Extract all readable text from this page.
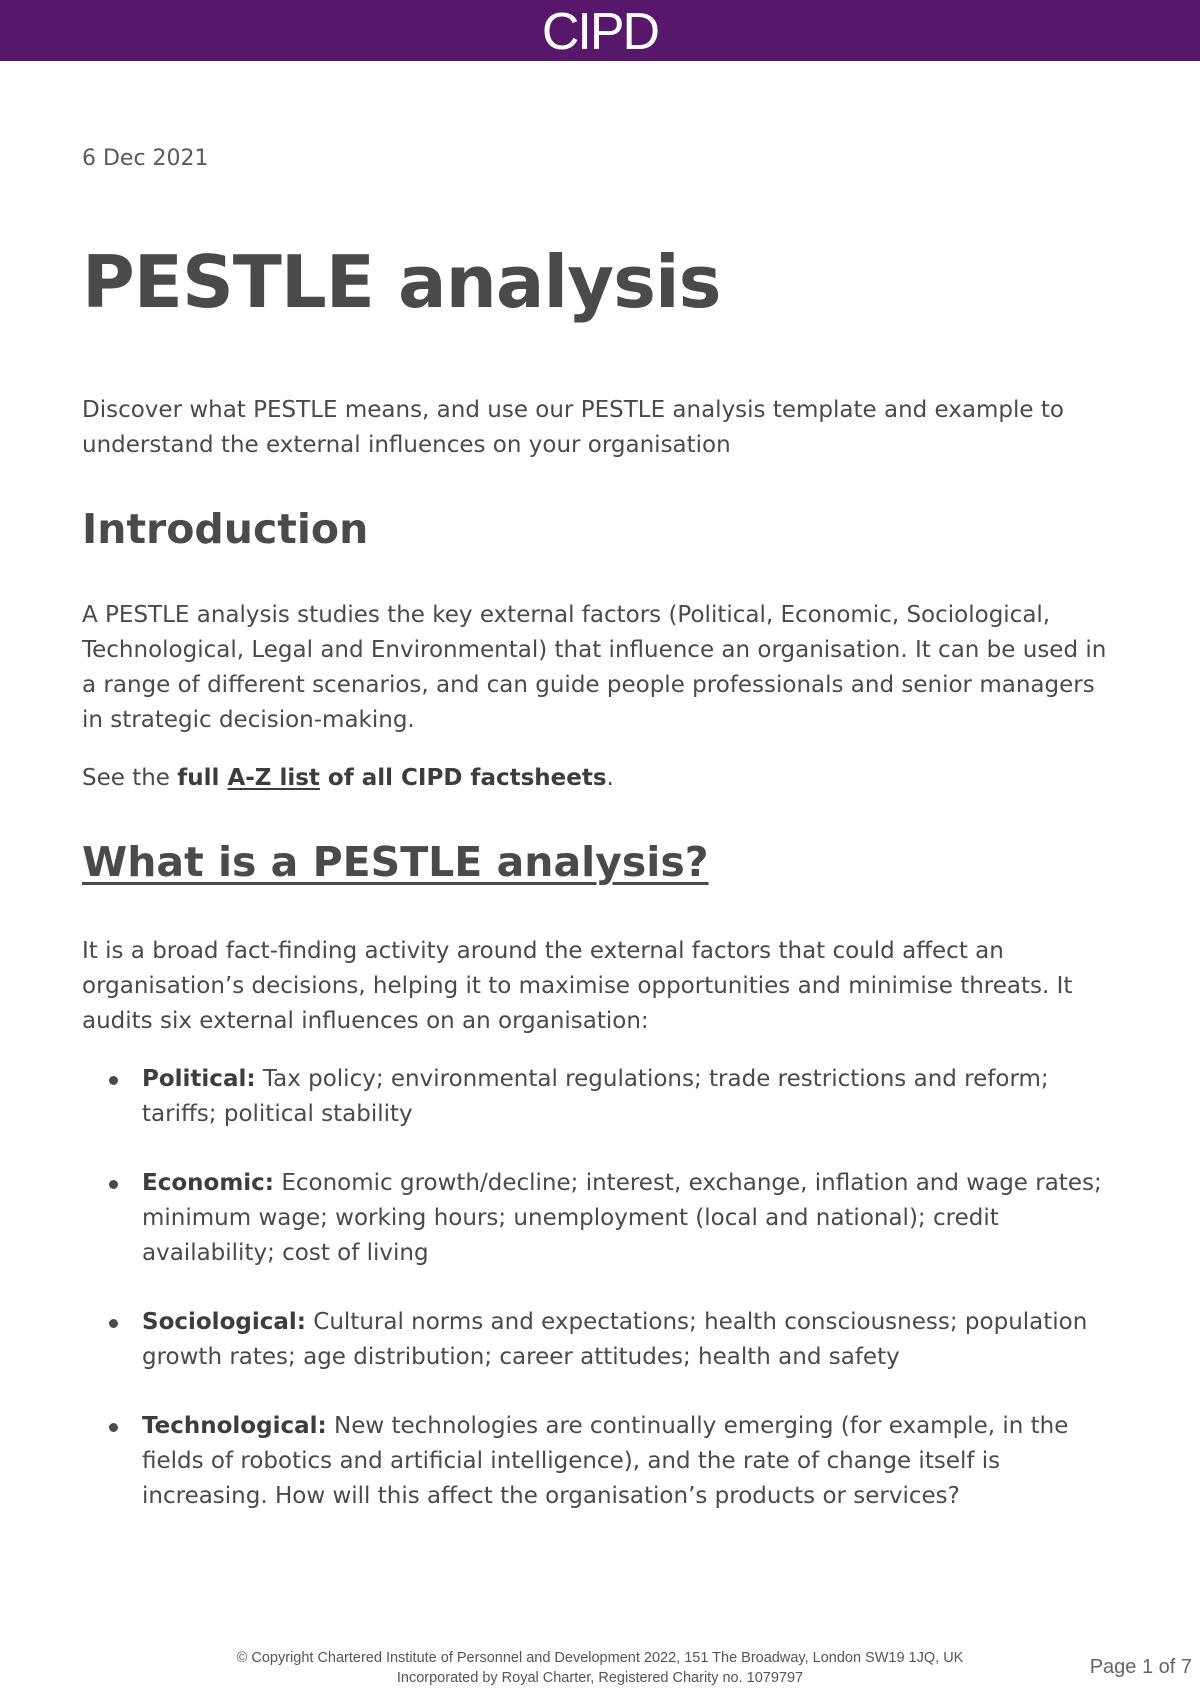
CIPD
6 Dec 2021
PESTLE analysis

Discover what PESTLE means, and use our PESTLE analysis template and example to understand the external influences on your organisation

Introduction

A PESTLE analysis studies the key external factors (Political, Economic, Sociological, Technological, Legal and Environmental) that influence an organisation. It can be used in a range of different scenarios, and can guide people professionals and senior managers in strategic decision-making.

See the full A-Z list of all CIPD factsheets.

What is a PESTLE analysis?

It is a broad fact-finding activity around the external factors that could affect an organisation’s decisions, helping it to maximise opportunities and minimise threats. It audits six external influences on an organisation:

Political: Tax policy; environmental regulations; trade restrictions and reform; tariffs; political stability
Economic: Economic growth/decline; interest, exchange, inflation and wage rates; minimum wage; working hours; unemployment (local and national); credit availability; cost of living
Sociological: Cultural norms and expectations; health consciousness; population growth rates; age distribution; career attitudes; health and safety
Technological: New technologies are continually emerging (for example, in the fields of robotics and artificial intelligence), and the rate of change itself is increasing. How will this affect the organisation’s products or services?
© Copyright Chartered Institute of Personnel and Development 2022, 151 The Broadway, London SW19 1JQ, UK
Incorporated by Royal Charter, Registered Charity no. 1079797	Page 1 of 7
